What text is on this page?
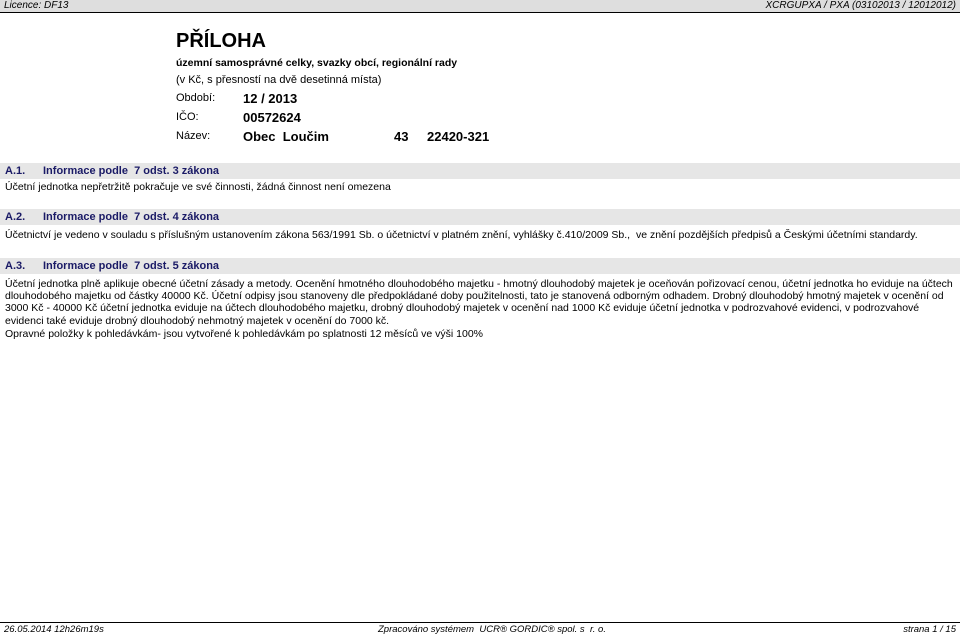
Licence: DF13	XCRGUPXA / PXA (03102013 / 12012012)
PŘÍLOHA
územní samosprávné celky, svazky obcí, regionální rady
(v Kč, s přesností na dvě desetinná místa)
Období: 12 / 2013
IČO:	00572624
Název:	Obec  Loučim	43 22420-321
A.1. Informace podle  7 odst. 3 zákona
Účetní jednotka nepřetržitě pokračuje ve své činnosti, žádná činnost není omezena
A.2. Informace podle  7 odst. 4 zákona
Účetnictví je vedeno v souladu s příslušným ustanovením zákona 563/1991 Sb. o účetnictví v platném znění, vyhlášky č.410/2009 Sb.,  ve znění pozdějších předpisů a Českými účetními standardy.
A.3. Informace podle  7 odst. 5 zákona
Účetní jednotka plně aplikuje obecné účetní zásady a metody. Ocenění hmotného dlouhodobého majetku - hmotný dlouhodobý majetek je oceňován pořizovací cenou, účetní jednotka ho eviduje na účtech dlouhodobého majetku od částky 40000 Kč. Účetní odpisy jsou stanoveny dle předpokládané doby použitelnosti, tato je stanovená odborným odhadem. Drobný dlouhodobý hmotný majetek v ocenění od 3000 Kč - 40000 Kč účetní jednotka eviduje na účtech dlouhodobého majetku, drobný dlouhodobý majetek v ocenění nad 1000 Kč eviduje účetní jednotka v podrozvahové evidenci, v podrozvahové evidenci také eviduje drobný dlouhodobý nehmotný majetek v ocenění do 7000 kč.
Opravné položky k pohledávkám- jsou vytvořené k pohledávkám po splatnosti 12 měsíců ve výši 100%
26.05.2014 12h26m19s	Zpracováno systémem  UCR® GORDIC® spol. s  r. o.	strana 1 / 15
